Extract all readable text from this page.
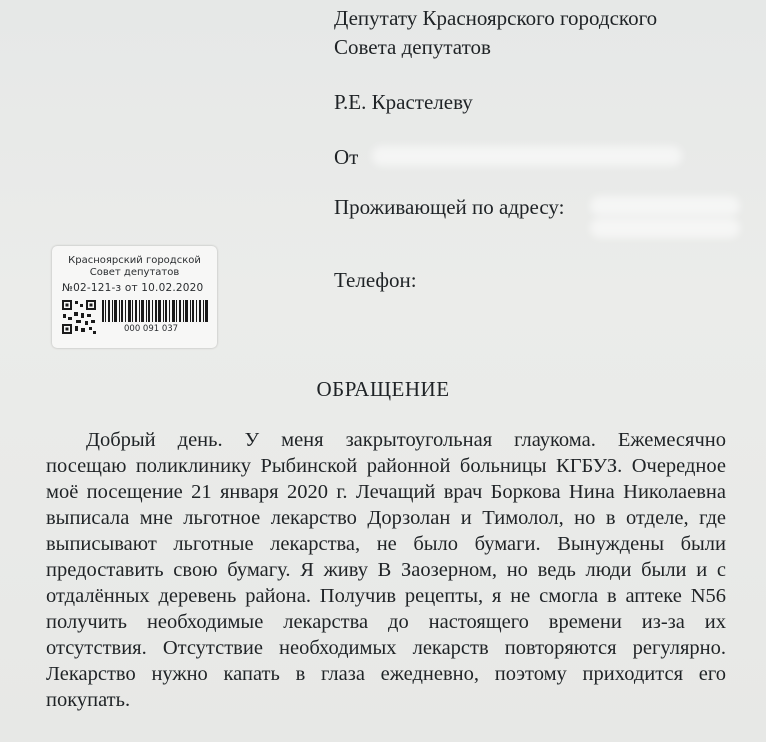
Депутату Красноярского городского
Совета депутатов
Р.Е. Крастелеву
От
Проживающей по адресу:
Телефон:
Красноярский городской
Совет депутатов
№02-121-з от 10.02.2020
000 091 037
ОБРАЩЕНИЕ
Добрый день. У меня закрытоугольная глаукома. Ежемесячно
посещаю поликлинику Рыбинской районной больницы КГБУЗ. Очередное
моё посещение 21 января 2020 г. Лечащий врач Боркова Нина Николаевна
выписала мне льготное лекарство Дорзолан и Тимолол, но в отделе, где
выписывают льготные лекарства, не было бумаги. Вынуждены были
предоставить свою бумагу. Я живу В Заозерном, но ведь люди были и с
отдалённых деревень района. Получив рецепты, я не смогла в аптеке N56
получить необходимые лекарства до настоящего времени из-за их
отсутствия. Отсутствие необходимых лекарств повторяются регулярно.
Лекарство нужно капать в глаза ежедневно, поэтому приходится его
покупать.
